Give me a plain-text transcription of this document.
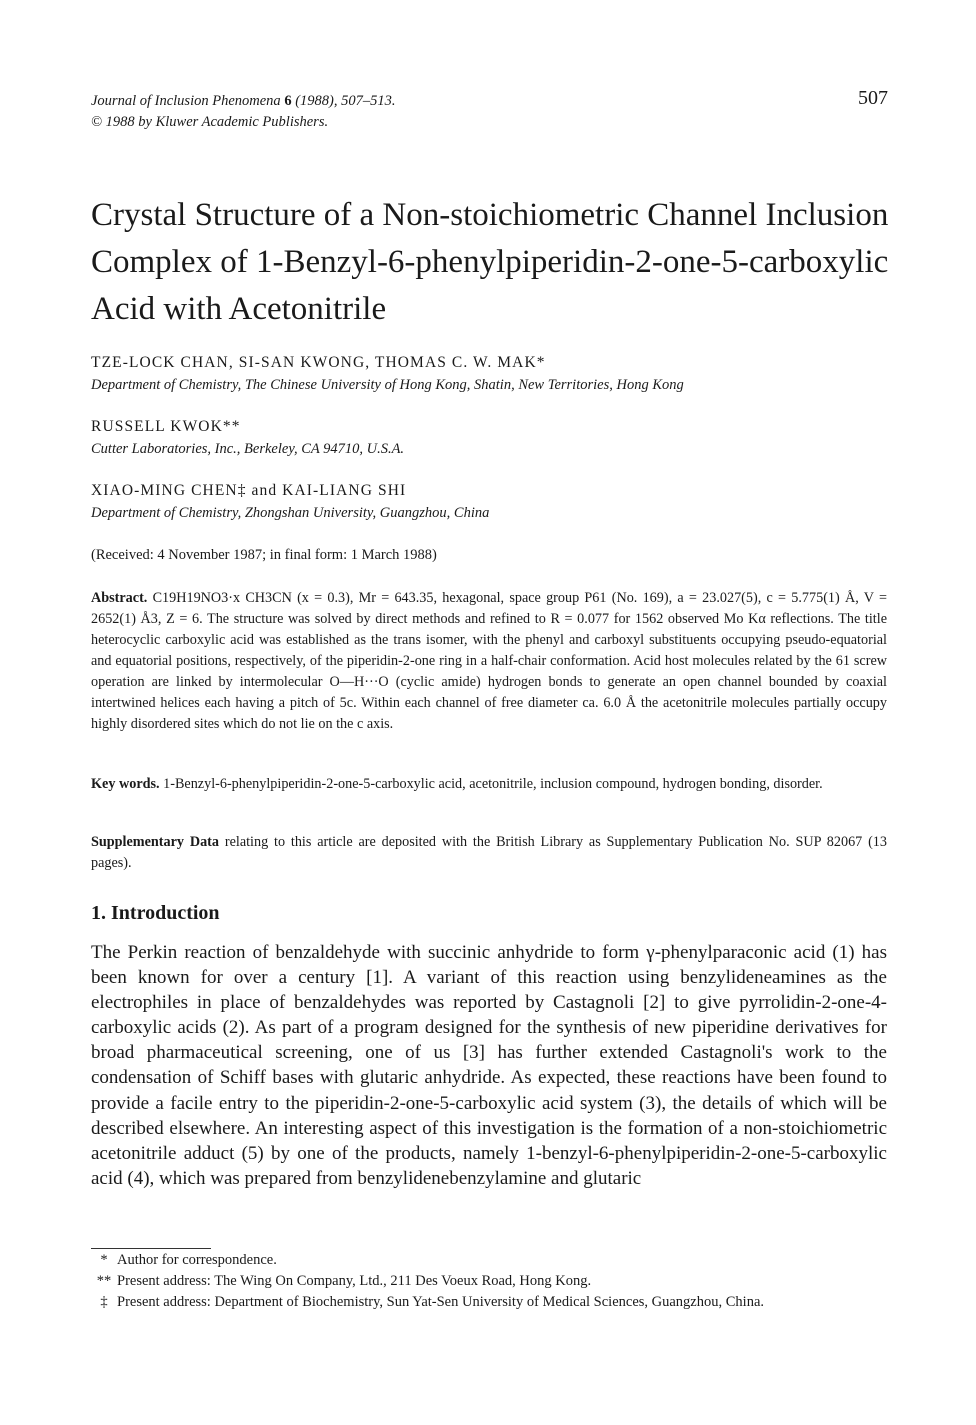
Journal of Inclusion Phenomena 6 (1988), 507–513.
© 1988 by Kluwer Academic Publishers.
507
Crystal Structure of a Non-stoichiometric Channel Inclusion Complex of 1-Benzyl-6-phenylpiperidin-2-one-5-carboxylic Acid with Acetonitrile
TZE-LOCK CHAN, SI-SAN KWONG, THOMAS C. W. MAK*
Department of Chemistry, The Chinese University of Hong Kong, Shatin, New Territories, Hong Kong
RUSSELL KWOK**
Cutter Laboratories, Inc., Berkeley, CA 94710, U.S.A.
XIAO-MING CHEN‡ and KAI-LIANG SHI
Department of Chemistry, Zhongshan University, Guangzhou, China
(Received: 4 November 1987; in final form: 1 March 1988)

Abstract. C19H19NO3·x CH3CN (x = 0.3), Mr = 643.35, hexagonal, space group P61 (No. 169), a = 23.027(5), c = 5.775(1) Å, V = 2652(1) Å3, Z = 6. The structure was solved by direct methods and refined to R = 0.077 for 1562 observed Mo Kα reflections. The title heterocyclic carboxylic acid was established as the trans isomer, with the phenyl and carboxyl substituents occupying pseudo-equatorial and equatorial positions, respectively, of the piperidin-2-one ring in a half-chair conformation. Acid host molecules related by the 61 screw operation are linked by intermolecular O—H···O (cyclic amide) hydrogen bonds to generate an open channel bounded by coaxial intertwined helices each having a pitch of 5c. Within each channel of free diameter ca. 6.0 Å the acetonitrile molecules partially occupy highly disordered sites which do not lie on the c axis.

Key words. 1-Benzyl-6-phenylpiperidin-2-one-5-carboxylic acid, acetonitrile, inclusion compound, hydrogen bonding, disorder.

Supplementary Data relating to this article are deposited with the British Library as Supplementary Publication No. SUP 82067 (13 pages).

1. Introduction

The Perkin reaction of benzaldehyde with succinic anhydride to form γ-phenylparaconic acid (1) has been known for over a century [1]. A variant of this reaction using benzylideneamines as the electrophiles in place of benzaldehydes was reported by Castagnoli [2] to give pyrrolidin-2-one-4-carboxylic acids (2). As part of a program designed for the synthesis of new piperidine derivatives for broad pharmaceutical screening, one of us [3] has further extended Castagnoli's work to the condensation of Schiff bases with glutaric anhydride. As expected, these reactions have been found to provide a facile entry to the piperidin-2-one-5-carboxylic acid system (3), the details of which will be described elsewhere. An interesting aspect of this investigation is the formation of a non-stoichiometric acetonitrile adduct (5) by one of the products, namely 1-benzyl-6-phenylpiperidin-2-one-5-carboxylic acid (4), which was prepared from benzylidenebenzylamine and glutaric

* Author for correspondence.
** Present address: The Wing On Company, Ltd., 211 Des Voeux Road, Hong Kong.
‡ Present address: Department of Biochemistry, Sun Yat-Sen University of Medical Sciences, Guangzhou, China.
